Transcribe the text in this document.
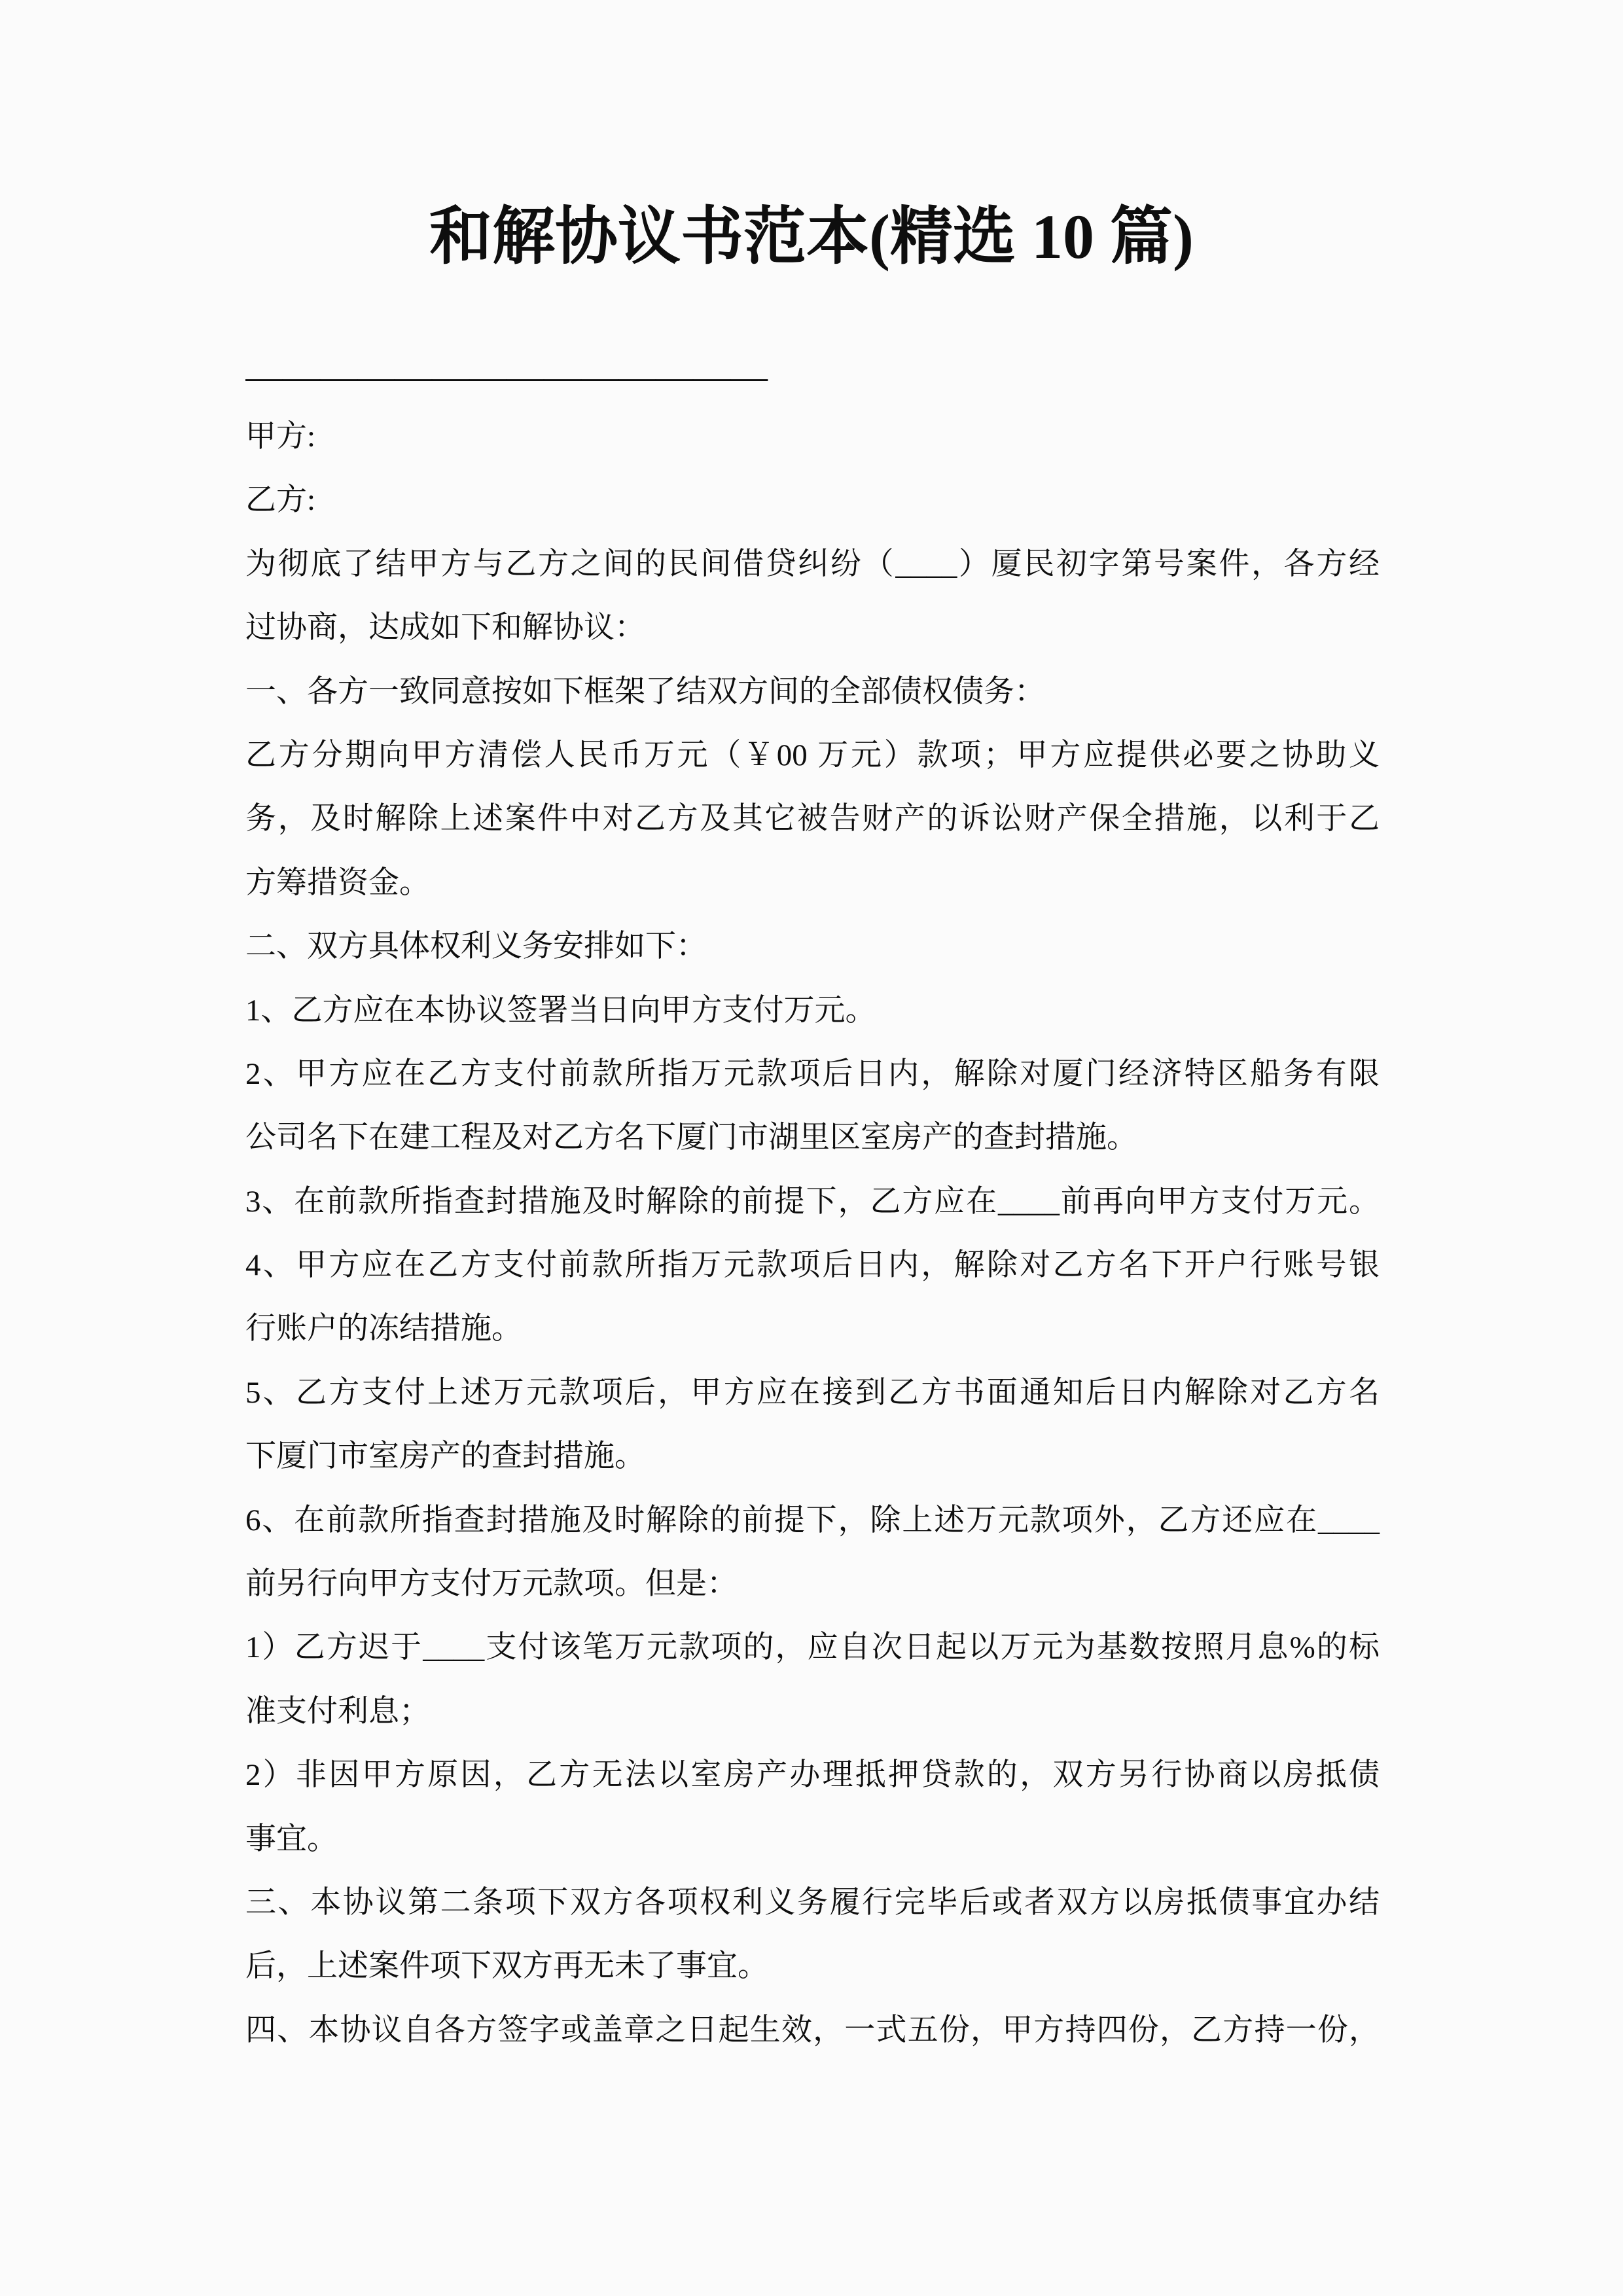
和解协议书范本(精选 10 篇)
——————————————
甲方:
乙方:
为彻底了结甲方与乙方之间的民间借贷纠纷（____）厦民初字第号案件，各方经
过协商，达成如下和解协议：
一、各方一致同意按如下框架了结双方间的全部债权债务：
乙方分期向甲方清偿人民币万元（￥00 万元）款项；甲方应提供必要之协助义
务，及时解除上述案件中对乙方及其它被告财产的诉讼财产保全措施，以利于乙
方筹措资金。
二、双方具体权利义务安排如下：
1、乙方应在本协议签署当日向甲方支付万元。
2、甲方应在乙方支付前款所指万元款项后日内，解除对厦门经济特区船务有限
公司名下在建工程及对乙方名下厦门市湖里区室房产的查封措施。
3、在前款所指查封措施及时解除的前提下，乙方应在____前再向甲方支付万元。
4、甲方应在乙方支付前款所指万元款项后日内，解除对乙方名下开户行账号银
行账户的冻结措施。
5、乙方支付上述万元款项后，甲方应在接到乙方书面通知后日内解除对乙方名
下厦门市室房产的查封措施。
6、在前款所指查封措施及时解除的前提下，除上述万元款项外，乙方还应在____
前另行向甲方支付万元款项。但是：
1）乙方迟于____支付该笔万元款项的，应自次日起以万元为基数按照月息%的标
准支付利息；
2）非因甲方原因，乙方无法以室房产办理抵押贷款的，双方另行协商以房抵债
事宜。
三、本协议第二条项下双方各项权利义务履行完毕后或者双方以房抵债事宜办结
后，上述案件项下双方再无未了事宜。
四、本协议自各方签字或盖章之日起生效，一式五份，甲方持四份，乙方持一份，
